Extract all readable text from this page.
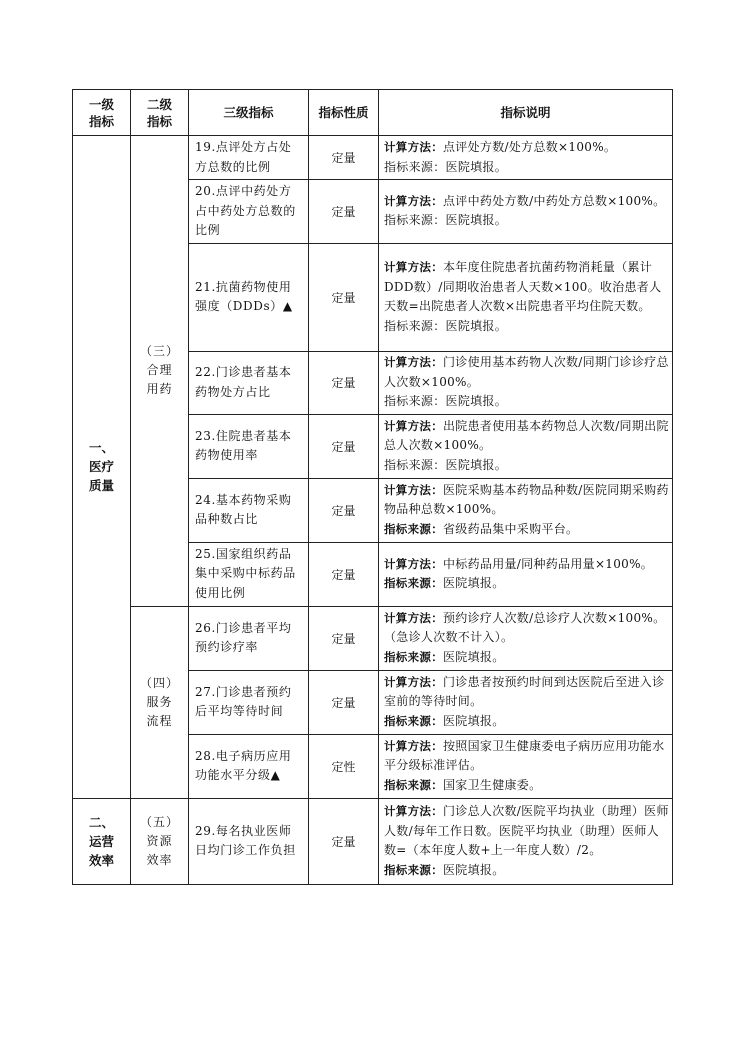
一级
指标	二级
指标	三级指标	指标性质	指标说明
一、
医疗
质量	（三）
合理
用药	19.点评处方占处方总数的比例	定量	计算方法：点评处方数/处方总数×100%。
指标来源：医院填报。

		20.点评中药处方占中药处方总数的比例	定量	计算方法：点评中药处方数/中药处方总数×100%。
指标来源：医院填报。

		21.抗菌药物使用强度（DDDs）▲	定量	计算方法：本年度住院患者抗菌药物消耗量（累计DDD数）/同期收治患者人天数×100。收治患者人天数=出院患者人次数×出院患者平均住院天数。
指标来源：医院填报。

		22.门诊患者基本药物处方占比	定量	计算方法：门诊使用基本药物人次数/同期门诊诊疗总人次数×100%。
指标来源：医院填报。

		23.住院患者基本药物使用率	定量	计算方法：出院患者使用基本药物总人次数/同期出院总人次数×100%。
指标来源：医院填报。

		24.基本药物采购品种数占比	定量	计算方法：医院采购基本药物品种数/医院同期采购药物品种总数×100%。
指标来源：省级药品集中采购平台。

		25.国家组织药品集中采购中标药品使用比例	定量	计算方法：中标药品用量/同种药品用量×100%。
指标来源：医院填报。

	（四）
服务
流程	26.门诊患者平均预约诊疗率	定量	计算方法：预约诊疗人次数/总诊疗人次数×100%。（急诊人次数不计入）。
指标来源：医院填报。

		27.门诊患者预约后平均等待时间	定量	计算方法：门诊患者按预约时间到达医院后至进入诊室前的等待时间。
指标来源：医院填报。

		28.电子病历应用功能水平分级▲	定性	计算方法：按照国家卫生健康委电子病历应用功能水平分级标准评估。
指标来源：国家卫生健康委。

二、
运营
效率	（五）
资源
效率	29.每名执业医师日均门诊工作负担	定量	计算方法：门诊总人次数/医院平均执业（助理）医师人数/每年工作日数。医院平均执业（助理）医师人数=（本年度人数+上一年度人数）/2。
指标来源：医院填报。
